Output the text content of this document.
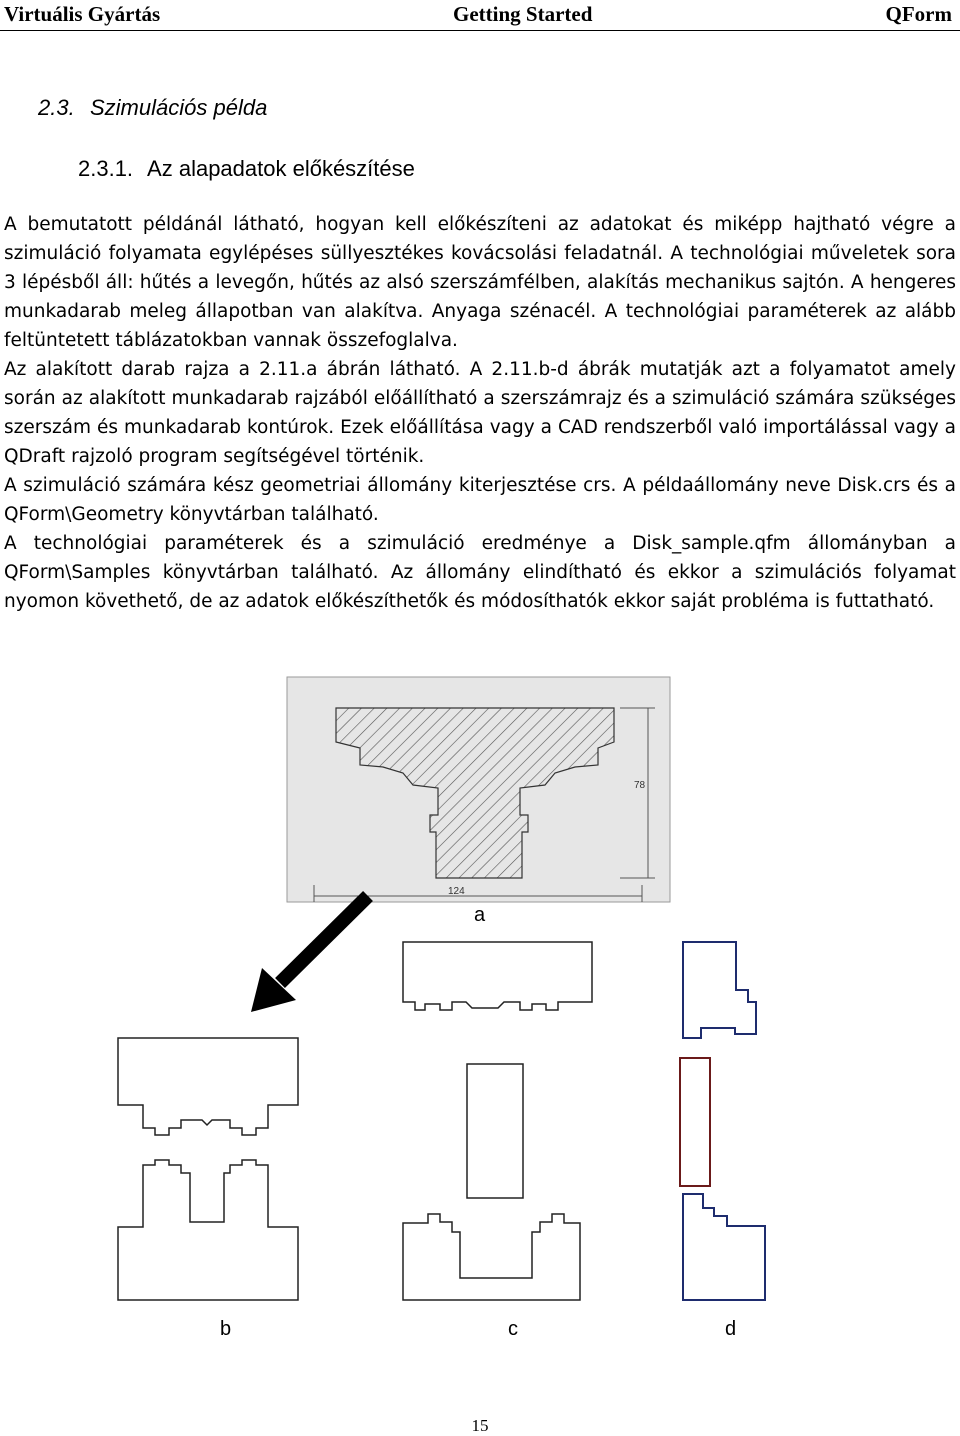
Virtuális Gyártás	Getting Started	QForm
2.3. Szimulációs példa
2.3.1. Az alapadatok előkészítése

A bemutatott példánál látható, hogyan kell előkészíteni az adatokat és miképp hajtható végre a szimuláció folyamata egylépéses süllyesztékes kovácsolási feladatnál. A technológiai műveletek sora 3 lépésből áll: hűtés a levegőn, hűtés az alsó szerszámfélben, alakítás mechanikus sajtón. A hengeres munkadarab meleg állapotban van alakítva. Anyaga szénacél. A technológiai paraméterek az alább feltüntetett táblázatokban vannak összefoglalva.

Az alakított darab rajza a 2.11.a ábrán látható. A 2.11.b-d ábrák mutatják azt a folyamatot amely során az alakított munkadarab rajzából előállítható a szerszámrajz és a szimuláció számára szükséges szerszám és munkadarab kontúrok. Ezek előállítása vagy a CAD rendszerből való importálással vagy a QDraft rajzoló program segítségével történik.

A szimuláció számára kész geometriai állomány kiterjesztése crs. A példaállomány neve Disk.crs és a QForm\Geometry könyvtárban található.

A technológiai paraméterek és a szimuláció eredménye a Disk_sample.qfm állományban a QForm\Samples könyvtárban található. Az állomány elindítható és ekkor a szimulációs folyamat nyomon követhető, de az adatok előkészíthetők és módosíthatók ekkor saját probléma is futtatható.

78
124
a
b	c	d
15
